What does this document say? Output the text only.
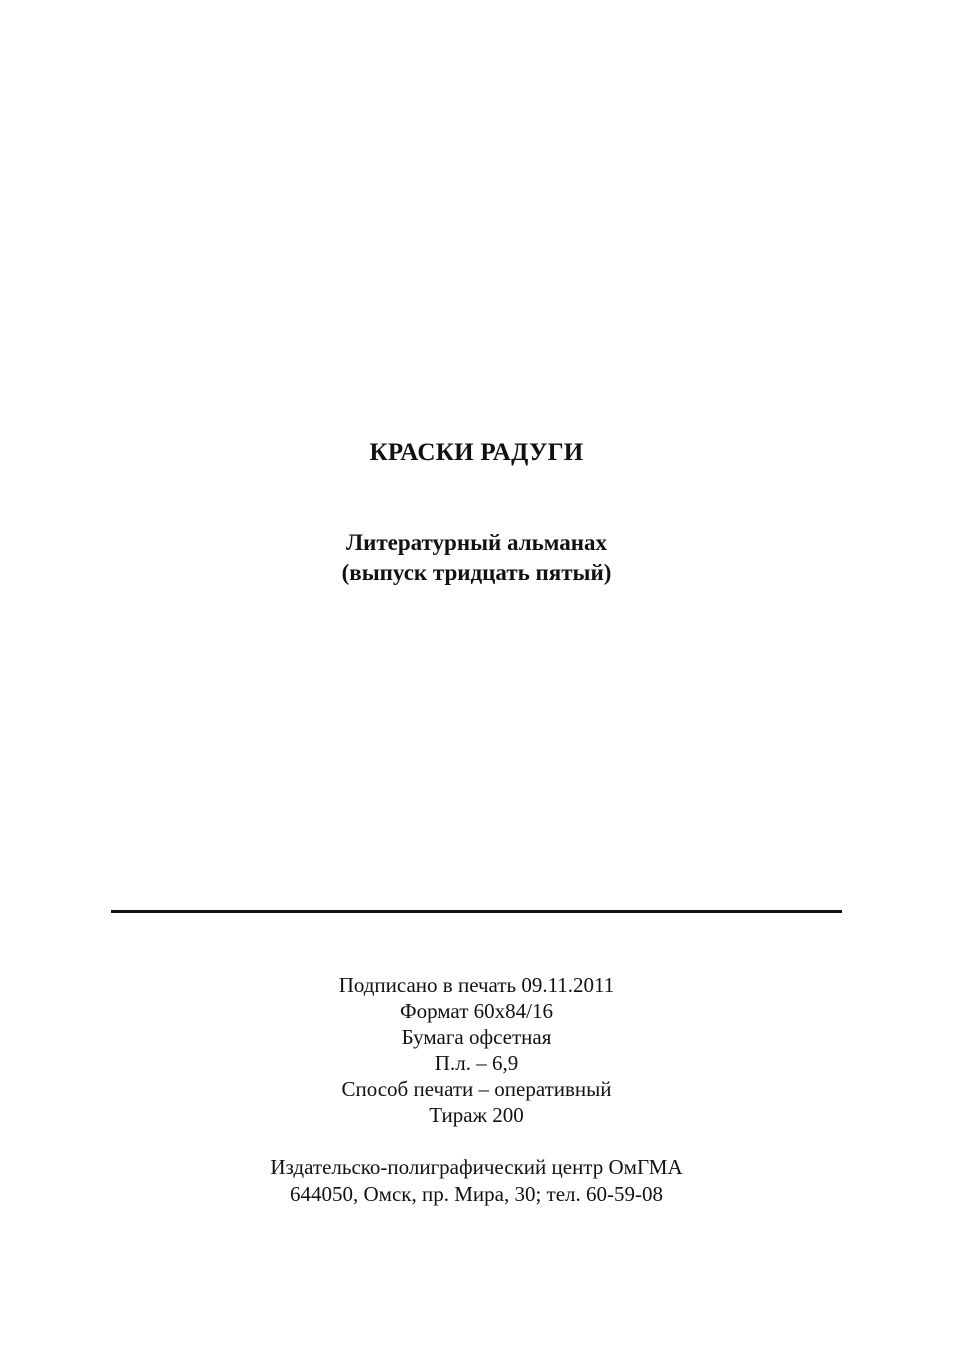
КРАСКИ РАДУГИ
Литературный альманах
(выпуск тридцать пятый)
Подписано в печать 09.11.2011
Формат 60x84/16
Бумага офсетная
П.л. – 6,9
Способ печати – оперативный
Тираж 200
Издательско-полиграфический центр ОмГМА
644050, Омск, пр. Мира, 30; тел. 60-59-08
